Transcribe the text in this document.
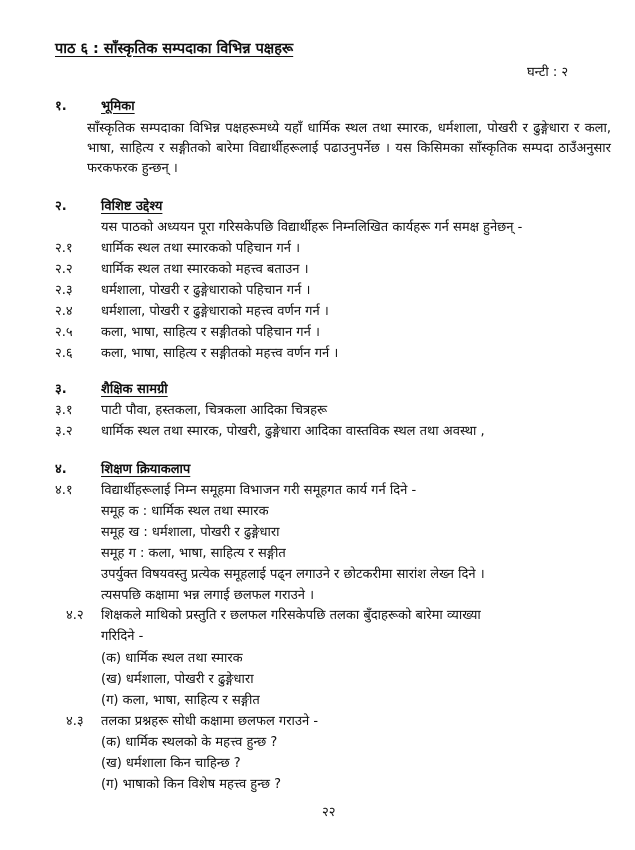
पाठ ६ : साँस्कृतिक सम्पदाका विभिन्न पक्षहरू
घन्टी : २
१.	भूमिका
साँस्कृतिक सम्पदाका विभिन्न पक्षहरूमध्ये यहाँ धार्मिक स्थल तथा स्मारक, धर्मशाला, पोखरी र ढुङ्गेधारा र कला, भाषा, साहित्य र सङ्गीतको बारेमा विद्यार्थीहरूलाई पढाउनुपर्नेछ । यस किसिमका साँस्कृतिक सम्पदा ठाउँअनुसार फरकफरक हुन्छन् ।
२.	विशिष्ट उद्देश्य
यस पाठको अध्ययन पूरा गरिसकेपछि विद्यार्थीहरू निम्नलिखित कार्यहरू गर्न समक्ष हुनेछन् -
२.१ धार्मिक स्थल तथा स्मारकको पहिचान गर्न ।
२.२ धार्मिक स्थल तथा स्मारकको महत्त्व बताउन ।
२.३ धर्मशाला, पोखरी र ढुङ्गेधाराको पहिचान गर्न ।
२.४ धर्मशाला, पोखरी र ढुङ्गेधाराको महत्त्व वर्णन गर्न ।
२.५ कला, भाषा, साहित्य र सङ्गीतको पहिचान गर्न ।
२.६ कला, भाषा, साहित्य र सङ्गीतको महत्त्व वर्णन गर्न ।
३.	शैक्षिक सामग्री
३.१ पाटी पौवा, हस्तकला, चित्रकला आदिका चित्रहरू
३.२ धार्मिक स्थल तथा स्मारक, पोखरी, ढुङ्गेधारा आदिका वास्तविक स्थल तथा अवस्था ,
४.	शिक्षण क्रियाकलाप
४.१ विद्यार्थीहरूलाई निम्न समूहमा विभाजन गरी समूहगत कार्य गर्न दिने -
समूह क : धार्मिक स्थल तथा स्मारक
समूह ख : धर्मशाला, पोखरी र ढुङ्गेधारा
समूह ग : कला, भाषा, साहित्य र सङ्गीत
उपर्युक्त विषयवस्तु प्रत्येक समूहलाई पढ्न लगाउने र छोटकरीमा सारांश लेख्न दिने ।
त्यसपछि कक्षामा भन्न लगाई छलफल गराउने ।
४.२ शिक्षकले माथिको प्रस्तुति र छलफल गरिसकेपछि तलका बुँदाहरूको बारेमा व्याख्या
गरिदिने -
(क) धार्मिक स्थल तथा स्मारक
(ख) धर्मशाला, पोखरी र ढुङ्गेधारा
(ग) कला, भाषा, साहित्य र सङ्गीत
४.३ तलका प्रश्नहरू सोधी कक्षामा छलफल गराउने -
(क) धार्मिक स्थलको के महत्त्व हुन्छ ?
(ख) धर्मशाला किन चाहिन्छ ?
(ग) भाषाको किन विशेष महत्त्व हुन्छ ?
२२
